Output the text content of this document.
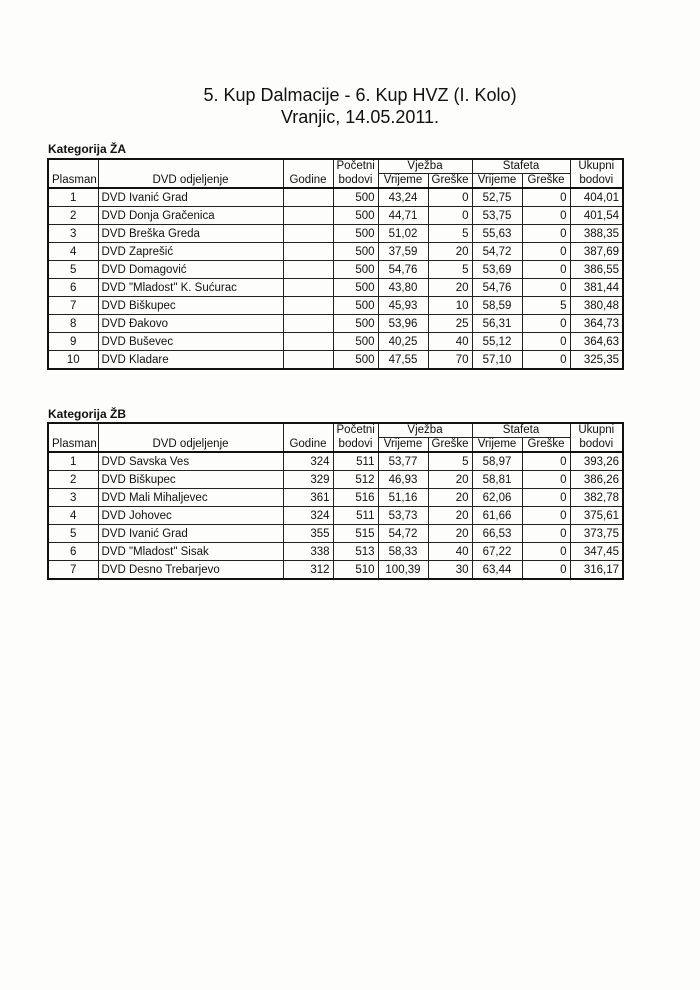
5. Kup Dalmacije - 6. Kup HVZ (I. Kolo)
Vranjic, 14.05.2011.
Kategorija ŽA
			Početni	Vježba		Štafeta		Ukupni
Plasman	DVD odjeljenje	Godine	bodovi	Vrijeme	Greške	Vrijeme	Greške	bodovi
1	DVD Ivanić Grad		500	43,24	0	52,75	0	404,01
2	DVD Donja Gračenica		500	44,71	0	53,75	0	401,54
3	DVD Breška Greda		500	51,02	5	55,63	0	388,35
4	DVD Zaprešić		500	37,59	20	54,72	0	387,69
5	DVD Domagović		500	54,76	5	53,69	0	386,55
6	DVD "Mladost" K. Sućurac		500	43,80	20	54,76	0	381,44
7	DVD Biškupec		500	45,93	10	58,59	5	380,48
8	DVD Đakovo		500	53,96	25	56,31	0	364,73
9	DVD Buševec		500	40,25	40	55,12	0	364,63
10	DVD Kladare		500	47,55	70	57,10	0	325,35
Kategorija ŽB
			Početni	Vježba		Štafeta		Ukupni
Plasman	DVD odjeljenje	Godine	bodovi	Vrijeme	Greške	Vrijeme	Greške	bodovi
1	DVD Savska Ves	324	511	53,77	5	58,97	0	393,26
2	DVD Biškupec	329	512	46,93	20	58,81	0	386,26
3	DVD Mali Mihaljevec	361	516	51,16	20	62,06	0	382,78
4	DVD Johovec	324	511	53,73	20	61,66	0	375,61
5	DVD Ivanić Grad	355	515	54,72	20	66,53	0	373,75
6	DVD "Mladost" Sisak	338	513	58,33	40	67,22	0	347,45
7	DVD Desno Trebarjevo	312	510	100,39	30	63,44	0	316,17
